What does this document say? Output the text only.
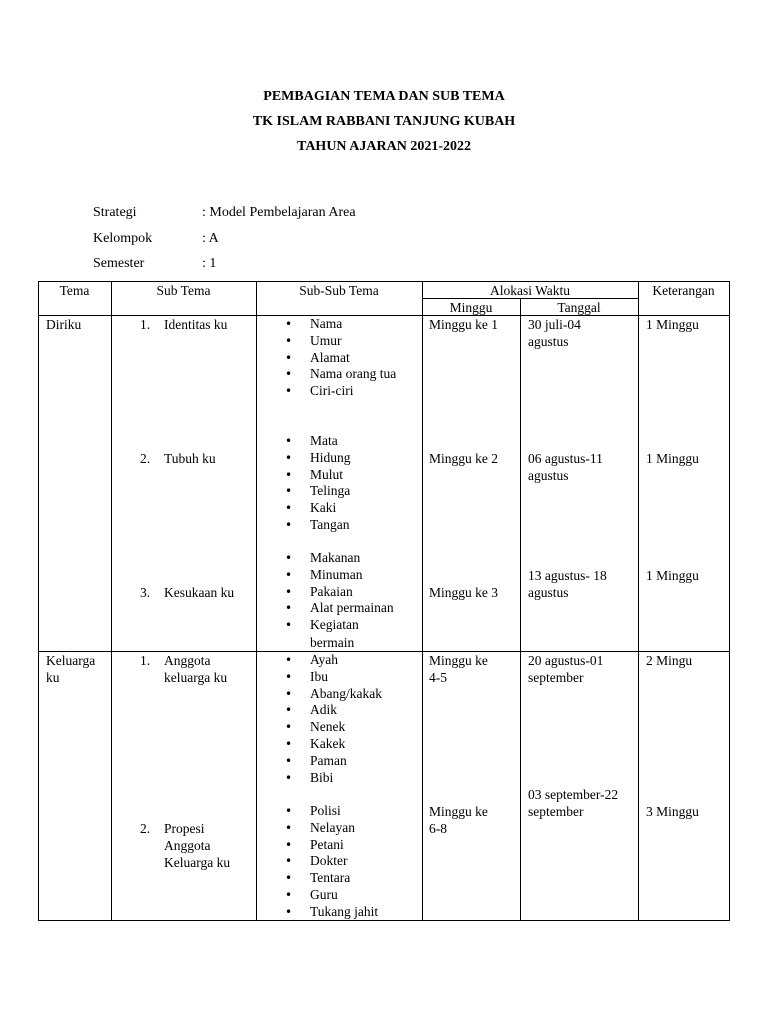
PEMBAGIAN TEMA DAN SUB TEMA
TK ISLAM RABBANI TANJUNG KUBAH
TAHUN AJARAN 2021-2022
Strategi	: Model Pembelajaran Area
Kelompok	: A
Semester	: 1
Tema	Sub Tema	Sub-Sub Tema	Alokasi Waktu	Keterangan
Minggu	Tanggal
Diriku	1. Identitas ku
•	Nama
• Umur
• Alamat
• Nama orang tua
• Ciri-ciri
Minggu ke 1 30 juli-04
agustus
1 Minggu
2. Tubuh ku
• Mata
• Hidung
• Mulut
• Telinga
• Kaki
• Tangan
Minggu ke 2 06 agustus-11
agustus
1 Minggu
3. Kesukaan ku
• Makanan
• Minuman
• Pakaian
• Alat permainan
• Kegiatan
bermain
Minggu ke 3
13 agustus- 18
agustus
1 Minggu
Keluarga
ku
1. Anggota
keluarga ku
• Ayah
• Ibu
• Abang/kakak
• Adik
• Nenek
• Kakek
• Paman
• Bibi
Minggu ke
4-5
20 agustus-01
september
2 Mingu
2. Propesi
Anggota
Keluarga ku
• Polisi
• Nelayan
• Petani
• Dokter
• Tentara
• Guru
• Tukang jahit
Minggu ke
6-8
03 september-22
september	3 Minggu
